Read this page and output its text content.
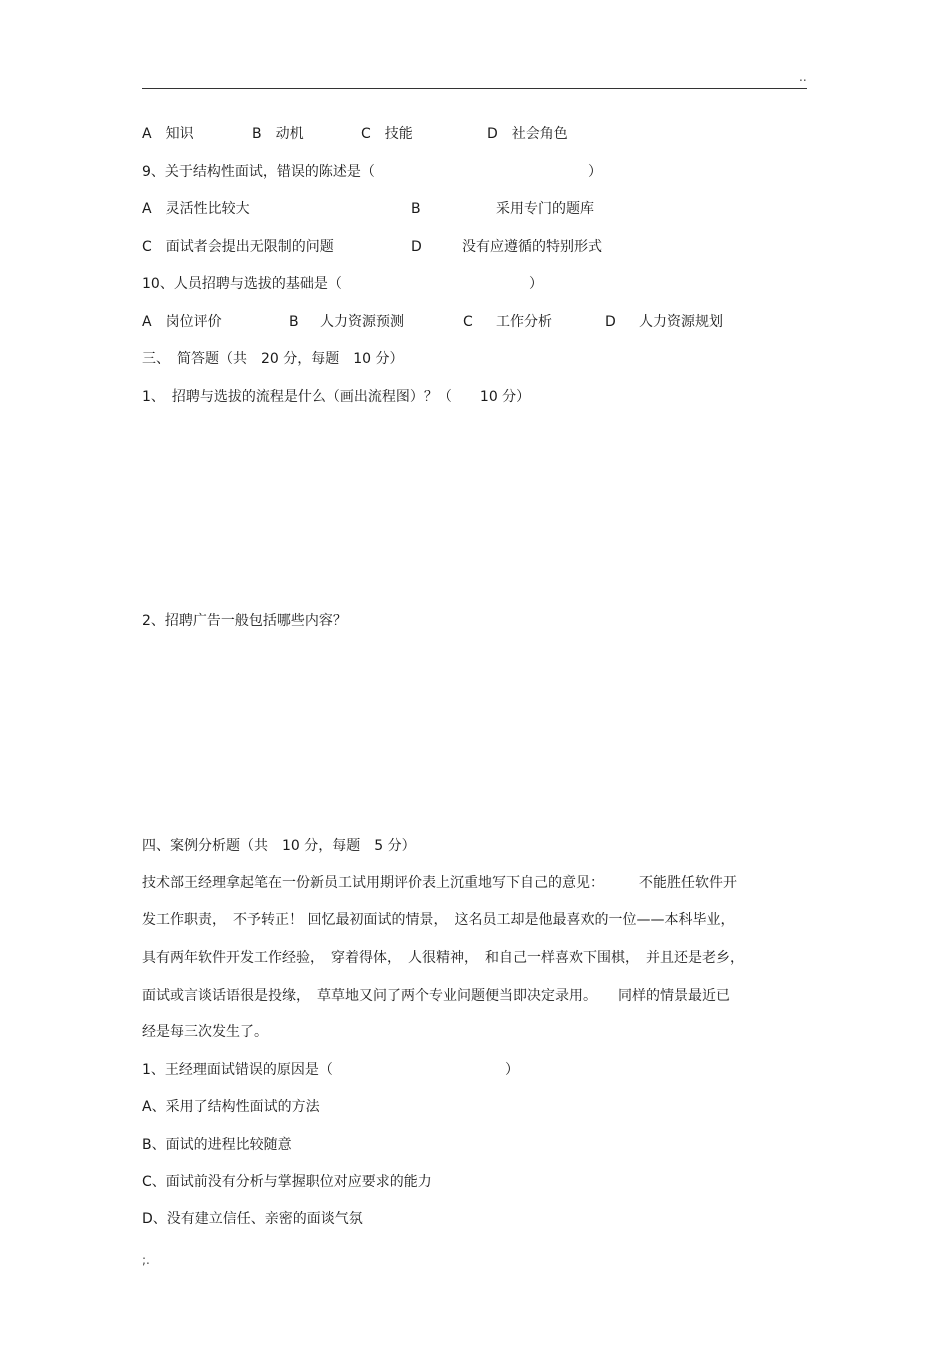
..
A　知识	B　动机	C　技能	D　社会角色
9、关于结构性面试，错误的陈述是（	）
A　灵活性比较大	B	采用专门的题库
C　面试者会提出无限制的问题	D	没有应遵循的特别形式
10、人员招聘与选拔的基础是（	）
A　岗位评价	B 人力资源预测	C 工作分析	D 人力资源规划
三、　简答题（共　20 分，每题　10 分）
1、　招聘与选拔的流程是什么（画出流程图）？（　　10 分）
2、招聘广告一般包括哪些内容？
四、案例分析题（共　10 分，每题　5 分）
技术部王经理拿起笔在一份新员工试用期评价表上沉重地写下自己的意见：　　　不能胜任软件开
发工作职责，　不予转正！ 回忆最初面试的情景，　这名员工却是他最喜欢的一位——本科毕业，
具有两年软件开发工作经验，　穿着得体，　人很精神，　和自己一样喜欢下围棋，　并且还是老乡，
面试或言谈话语很是投缘，　草草地又问了两个专业问题便当即决定录用。　　同样的情景最近已
经是每三次发生了。
1、王经理面试错误的原因是（	）
A、采用了结构性面试的方法
B、面试的进程比较随意
C、面试前没有分析与掌握职位对应要求的能力
D、没有建立信任、亲密的面谈气氛
;.
